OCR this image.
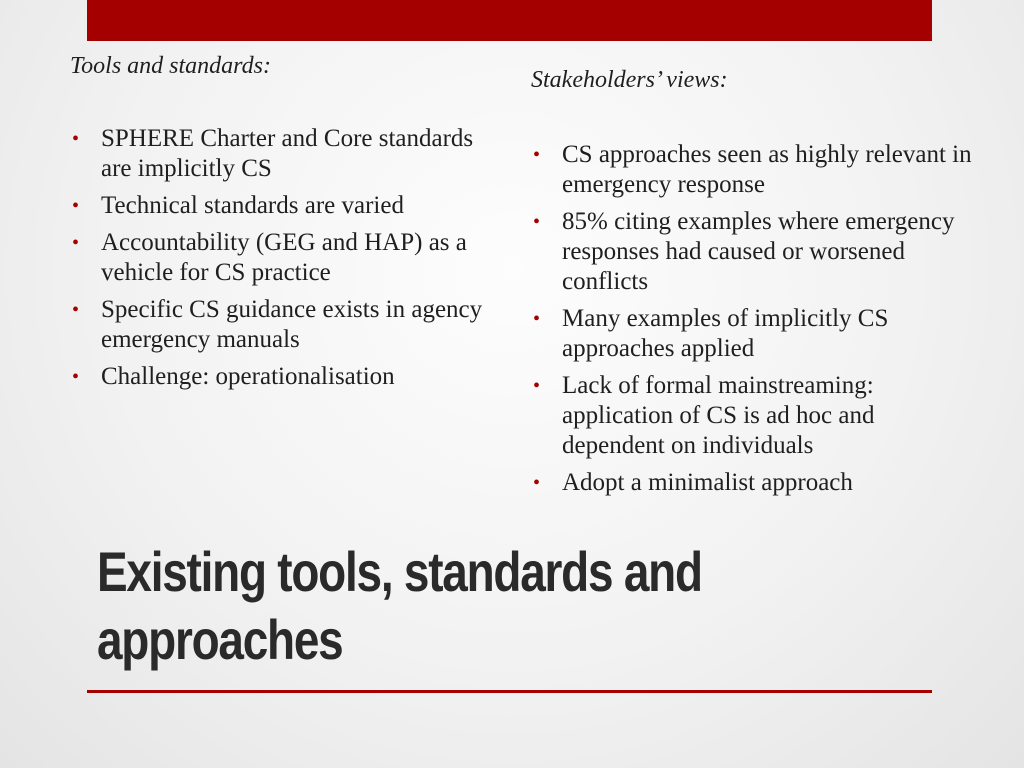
Tools and standards:
• SPHERE Charter and Core standards are implicitly CS
• Technical standards are varied
• Accountability (GEG and HAP) as a vehicle for CS practice
• Specific CS guidance exists in agency emergency manuals
• Challenge: operationalisation
Stakeholders’ views:
• CS approaches seen as highly relevant in emergency response
• 85% citing examples where emergency responses had caused or worsened conflicts
• Many examples of implicitly CS approaches applied
• Lack of formal mainstreaming: application of CS is ad hoc and dependent on individuals
• Adopt a minimalist approach
Existing tools, standards and approaches
